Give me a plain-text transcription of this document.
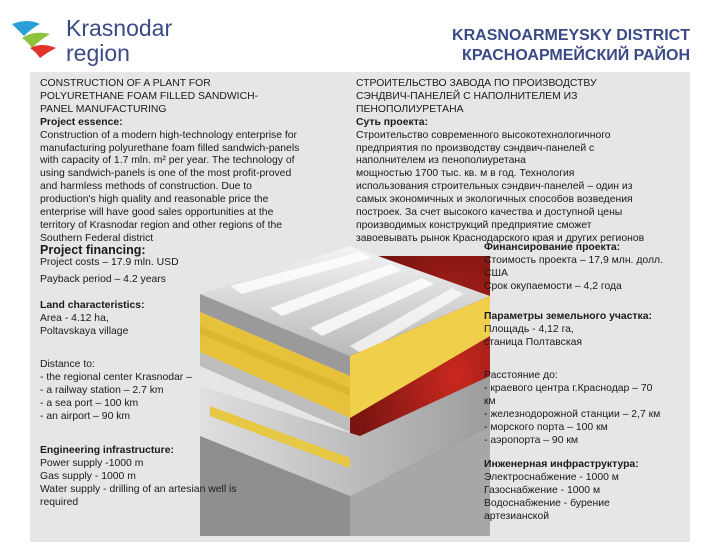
Krasnodar
region
KRASNOARMEYSKY DISTRICT
КРАСНОАРМЕЙСКИЙ РАЙОН

CONSTRUCTION OF A PLANT FOR

POLYURETHANE FOAM FILLED SANDWICH-

PANEL MANUFACTURING

Project essence:

Construction of a modern high-technology enterprise for

manufacturing polyurethane foam filled sandwich-panels

with capacity of 1.7 mln. m² per year. The technology of

using sandwich-panels is one of the most profit-proved

and harmless methods of construction. Due to

production's high quality and reasonable price the

enterprise will have good sales opportunities at the

territory of Krasnodar region and other regions of the

Southern Federal district

Project financing:

Project costs – 17.9 mln. USD

Payback period – 4.2 years

Land characteristics:

Area - 4.12 ha,

Poltavskaya village

Distance to:

- the regional center Krasnodar –

- a railway station – 2.7 km

- a sea port – 100 km

- an airport – 90 km

Engineering infrastructure:

Power supply -1000 m

Gas supply - 1000 m

Water supply - drilling of an artesian well is

required

СТРОИТЕЛЬСТВО ЗАВОДА ПО ПРОИЗВОДСТВУ

СЭНДВИЧ-ПАНЕЛЕЙ С НАПОЛНИТЕЛЕМ ИЗ

ПЕНОПОЛИУРЕТАНА

Суть проекта:

Строительство современного высокотехнологичного

предприятия по производству сэндвич-панелей с

наполнителем из пенополиуретана

мощностью 1700 тыс. кв. м в год. Технология

использования строительных сэндвич-панелей – один из

самых экономичных и экологичных способов возведения

построек. За счет высокого качества и доступной цены

производимых конструкций предприятие сможет

завоевывать рынок Краснодарского края и других регионов

Финансирование проекта:

Стоимость проекта – 17,9 млн. долл.

США

Срок окупаемости – 4,2 года

Параметры земельного участка:

Площадь - 4,12 га,

станица Полтавская

Расстояние до:

- краевого центра г.Краснодар – 70

км

- железнодорожной станции – 2,7 км

- морского порта – 100 км

- аэропорта – 90 км

Инженерная инфраструктура:

Электроснабжение - 1000 м

Газоснабжение - 1000 м

Водоснабжение - бурение

артезианской
